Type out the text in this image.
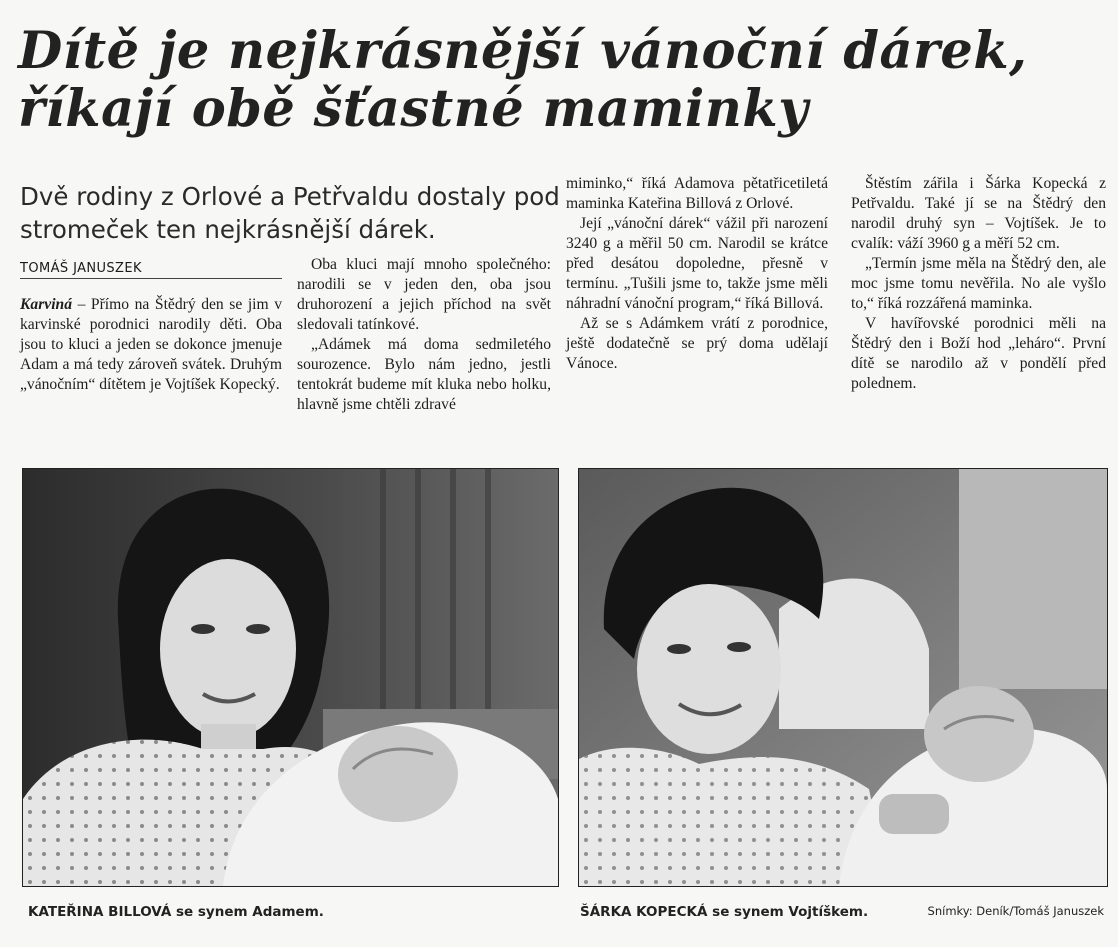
Dítě je nejkrásnější vánoční dárek,
říkají obě šťastné maminky
Dvě rodiny z Orlové a Petřvaldu dostaly pod stromeček ten nejkrásnější dárek.
TOMÁŠ JANUSZEK

Karviná – Přímo na Štědrý den se jim v karvinské porodnici narodily děti. Oba jsou to kluci a jeden se dokonce jmenuje Adam a má tedy zároveň svátek. Druhým „vánočním“ dítětem je Vojtíšek Kopecký.

Oba kluci mají mnoho společného: narodili se v jeden den, oba jsou druhorození a jejich příchod na svět sledovali tatínkové.

„Adámek má doma sedmiletého sourozence. Bylo nám jedno, jestli tentokrát budeme mít kluka nebo holku, hlavně jsme chtěli zdravé

miminko,“ říká Adamova pětatřicetiletá maminka Kateřina Billová z Orlové.

Její „vánoční dárek“ vážil při narození 3240 g a měřil 50 cm. Narodil se krátce před desátou dopoledne, přesně v termínu. „Tušili jsme to, takže jsme měli náhradní vánoční program,“ říká Billová.

Až se s Adámkem vrátí z porodnice, ještě dodatečně se prý doma udělají Vánoce.

Štěstím zářila i Šárka Kopecká z Petřvaldu. Také jí se na Štědrý den narodil druhý syn – Vojtíšek. Je to cvalík: váží 3960 g a měří 52 cm.

„Termín jsme měla na Štědrý den, ale moc jsme tomu nevěřila. No ale vyšlo to,“ říká rozzářená maminka.

V havířovské porodnici měli na Štědrý den i Boží hod „leháro“. První dítě se narodilo až v pondělí před polednem.

KATEŘINA BILLOVÁ se synem Adamem.	ŠÁRKA KOPECKÁ se synem Vojtíškem.	Snímky: Deník/Tomáš Januszek
